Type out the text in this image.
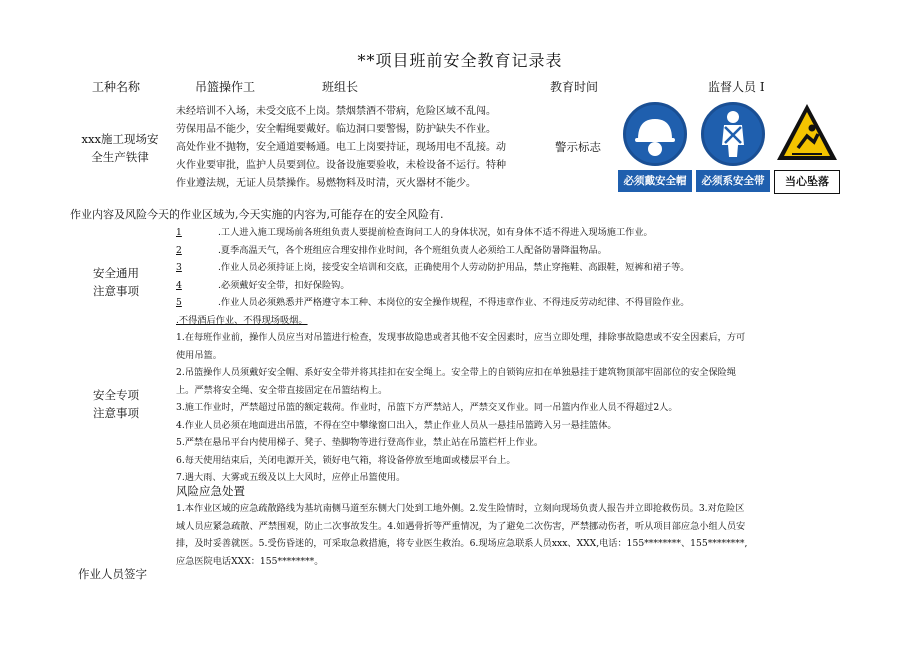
**项目班前安全教育记录表
工种名称	吊篮操作工	班组长	教育时间	监督人员 I
xxx施工现场安
全生产铁律
未经培训不入场，未受交底不上岗。禁烟禁酒不带病，危险区域不乱闯。
劳保用品不能少，安全帽绳要戴好。临边洞口要警惕，防护缺失不作业。
高处作业不抛物，安全通道要畅通。电工上岗要持证，现场用电不乱接。动
火作业要审批，监护人员要到位。设备设施要验收，未检设备不运行。特种
作业遵法规，无证人员禁操作。易燃物料及时清，灭火器材不能少。
警示标志
必须戴安全帽	必须系安全带	当心坠落
作业内容及风险今天的作业区域为,今天实施的内容为,可能存在的安全风险有.
安全通用
注意事项
1	.工人进入施工现场前各班组负责人要提前检查询问工人的身体状况，如有身体不适不得进入现场施工作业。
2	.夏季高温天气，各个班组应合理安排作业时间，各个班组负责人必须给工人配备防暑降温物品。
3	.作业人员必须持证上岗，接受安全培训和交底，正确使用个人劳动防护用品，禁止穿拖鞋、高跟鞋，短裤和裙子等。
4	.必须戴好安全带，扣好保险钩。
5	.作业人员必须熟悉并严格遵守本工种、本岗位的安全操作规程，不得违章作业、不得违反劳动纪律、不得冒险作业。
.不得酒后作业、不得现场吸烟。
安全专项
注意事项
1.在每班作业前，操作人员应当对吊篮进行检查，发现事故隐患或者其他不安全因素时，应当立即处理，排除事故隐患或不安全因素后，方可
使用吊篮。
2.吊篮操作人员须戴好安全帽、系好安全带并将其挂扣在安全绳上。安全带上的自锁钩应扣在单独悬挂于建筑物顶部牢固部位的安全保险绳
上。严禁将安全绳、安全带直接固定在吊篮结构上。
3.施工作业时，严禁超过吊篮的额定载荷。作业时，吊篮下方严禁站人，严禁交叉作业。同一吊篮内作业人员不得超过2人。
4.作业人员必须在地面进出吊篮，不得在空中攀缘窗口出入，禁止作业人员从一悬挂吊篮跨入另一悬挂篮体。
5.严禁在悬吊平台内使用梯子、凳子、垫脚物等进行登高作业，禁止站在吊篮栏杆上作业。
6.每天使用结束后，关闭电源开关，锁好电气箱，将设备停放至地面或楼层平台上。
7.遇大雨、大雾或五级及以上大风时，应停止吊篮使用。
风险应急处置
1.本作业区域的应急疏散路线为基坑南侧马道至东侧大门处到工地外侧。2.发生险情时，立刻向现场负责人报告并立即抢救伤员。3.对危险区
域人员应紧急疏散、严禁围观，防止二次事故发生。4.如遇骨折等严重情况，为了避免二次伤害，严禁挪动伤者，听从项目部应急小组人员安
排，及时妥善就医。5.受伤昏迷的，可采取急救措施，将专业医生救治。6.现场应急联系人员xxx、XXX,电话：155********、155********,
应急医院电话XXX：155********。
作业人员签字
